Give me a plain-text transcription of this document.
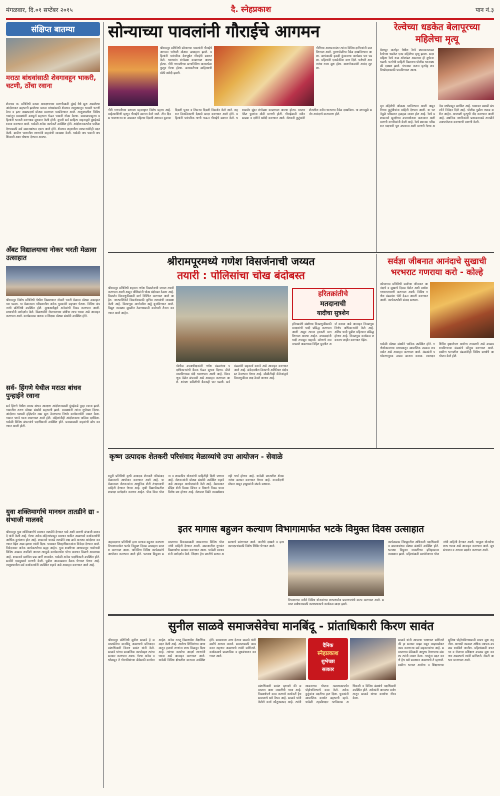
मंगळवार, दि.०१ सप्टेंबर २०१५	दै. स्नेहप्रकाश	पान नं.३
संक्षिप्त बातम्या
मराठा बांधवांसाठी शेवगावहून भाकरी, चटणी, ठोंचा रवाना
शेवगाव ता. प्रतिनिधी मराठा आरक्षणाच्या मागणीसाठी मुंबई येथे सुरू असलेल्या आंदोलनात सहभागी झालेल्या मराठा बांधवांसाठी शेवगाव तालुक्यातून भाकरी चटणी ठेचा व इतर खाद्यपदार्थ मोठ्या प्रमाणात पाठविण्यात आले. तालुक्यातील विविध गावांतून ग्रामस्थांनी उत्स्फूर्त सहभाग घेऊन भाकरी गोळा केल्या. सकाळपासूनच महिलांनी भाकरी करण्यास सुरुवात केली होती. दुपारी सर्व साहित्य वाहनाद्वारे मुंबईकडे रवाना करण्यात आले. यावेळी अनेक कार्यकर्ते उपस्थित होते. आंदोलनकर्त्यांना पाठिंबा देण्यासाठी सर्व समाजबांधव एकत्र आले होते. शेवगाव शहरातील व्यापाऱ्यांनीही मदत केली. ग्रामीण भागातील तरुणांनी वाहनांची व्यवस्था केली. यावेळी जय भवानी जय शिवाजी अशा घोषणा देण्यात आल्या.
अँबट विद्यालयाचा नोकर भरती मेळावा उत्साहात
श्रीरामपूर विशेष प्रतिनिधी येथील विद्यालयात नोकरी भरती मेळावा मोठ्या उत्साहात पार पडला. या मेळाव्यात परिसरातील अनेक युवकांनी सहभाग घेतला. विविध कंपन्यांचे प्रतिनिधी उपस्थित होते. मुलाखतीद्वारे अनेकांची निवड करण्यात आली. प्राचार्यांनी मार्गदर्शन केले. विद्यार्थ्यांनी रोजगाराच्या संधींचा लाभ घ्यावा असे आवाहन करण्यात आले. कार्यक्रमास पालक व शिक्षक मोठ्या संख्येने उपस्थित होते.
सर्व- हिंगणे येथील मराठा बांधव पुन्हाईने रवाना
सर्व हिंगणे येथील मराठा बांधव आरक्षण आंदोलनासाठी मुंबईकडे पुन्हा रवाना झाले. गावातील तरुण मोठ्या संख्येने सहभागी झाले. ग्रामस्थांनी त्यांना शुभेच्छा दिल्या. आंदोलन यशस्वी होईपर्यंत लढा सुरू ठेवण्याचा निर्धार कार्यकर्त्यांनी व्यक्त केला. गावात भगवे ध्वज लावण्यात आले होते. महिलांनीही आंदोलनाला पाठिंबा दर्शविला. यावेळी विविध संघटनांचे पदाधिकारी उपस्थित होते. प्रवासासाठी वाहनांची सोय करण्यात आली होती.
युवा शक्तिमार्गाचे मानधन तातडीने द्या - संभाजी मालवदे
श्रीरामपूर युवा शक्तिमार्गाचे मानधन तातडीने देण्यात यावे अशी मागणी संभाजी मालवदे यांनी केली आहे. गेल्या अनेक महिन्यांपासून मानधन थकीत असल्याने कार्यकर्त्यांची आर्थिक कुचंबणा होत आहे. शासनाने याकडे तातडीने लक्ष द्यावे अन्यथा आंदोलन करण्यात येईल असा इशारा त्यांनी दिला. याबाबत जिल्हाधिकाऱ्यांना निवेदन देण्यात आले. निवेदनावर अनेक कार्यकर्त्यांच्या सह्या आहेत. युवा शक्तीच्या माध्यमातून गावोगावी विविध उपक्रम राबविले जातात त्यामुळे कार्यकर्त्यांना योग्य मानधन मिळणे आवश्यक आहे. शासनाने प्रलंबित प्रश्न मार्गी लावावेत. यावेळी अनेक पदाधिकारी उपस्थित होते. सर्वांनी एकमुखाने मागणी केली. पुढील आठवड्यात बैठक घेण्यात येणार आहे. तालुक्यातील सर्व कार्यकर्त्यांनी उपस्थित राहावे असे आवाहन करण्यात आले आहे.
सोन्याच्या पावलांनी गौराईचे आगमन
श्रीरामपूर प्रतिनिधी सोन्याच्या पावलांनी गौराईचे आगमन घरोघरी मोठ्या उत्साहात झाले. महिलांनी पारंपरिक वेशभूषेत गौराईचे स्वागत केले. घराघरांत रांगोळ्या काढण्यात आल्या होत्या. गौरी गणपतीच्या सणानिमित्त बाजारपेठा फुलून गेल्या होत्या. सजावटीच्या साहित्याची मोठी खरेदी झाली.
गौरींच्या आगमनानंतर त्यांना विविध दागिन्यांनी सजविण्यात आले. पुरणपोळीचा नैवेद्य दाखविण्यात आला. सायंकाळी हळदी कुंकवाचा कार्यक्रम पार पडला. महिलांनी एकमेकींना वाण दिले. घरोघरी आरत्यांचा गजर सुरू होता. बालगोपाळांनी आनंद लुटला.
गौरी गणपतीच्या सणाला महाराष्ट्रात विशेष महत्त्व आहे. माहेरवाशिणी म्हणून गौराईचे स्वागत केले जाते. तीन दिवस चालणाऱ्या या उत्सवात पहिल्या दिवशी आगमन दुसऱ्या दिवशी पूजन व तिसऱ्या दिवशी विसर्जन केले जाते. शहरात ठिकठिकाणी देखावे सादर करण्यात आले होते. महिलांनी पारंपरिक गाणी गाऊन गौराईचे स्वागत केले. घरासमोर सुंदर रांगोळ्या काढण्यात आल्या होत्या. बाजारपेठेत फुलांना मोठी मागणी होती. गौराईसाठी नवीन साड्या व दागिने खरेदी करण्यात आले. शेतकरी कुटुंबांनी शेतातील नवीन धान्याचा नैवेद्य दाखविला. या सणामुळे सर्वत्र आनंदाचे वातावरण होते.	रेल्वेच्या धडकेत बेलापूरच्या महिलेचा मृत्यू
बेलापूर वार्ताहर येथील रेल्वे स्थानकाजवळ रेल्वेच्या धडकेत एका महिलेचा मृत्यू झाला. सदर महिला रेल्वे रूळ ओलांडत असताना ही दुर्घटना घडली. घटनेची माहिती मिळताच पोलीस घटनास्थळी दाखल झाले. पंचनामा करून मृतदेह शवविच्छेदनासाठी पाठविण्यात आला.
मृत महिलेची ओळख पटविण्यात आली असून तिच्या कुटुंबीयांना माहिती देण्यात आली. या घटनेमुळे परिसरात हळहळ व्यक्त होत आहे. रेल्वे प्रशासनाने सुरक्षेच्या उपाययोजना कराव्यात अशी मागणी नागरिकांनी केली आहे. रेल्वे स्थानक परिसरात पादचारी पूल उभारावा अशी मागणी गेल्या अनेक वर्षांपासून प्रलंबित आहे. याबाबत प्रवासी संघटनेने निवेदन दिले आहे. पोलीस पुढील तपास करीत आहेत. अपघाती मृत्यूची नोंद करण्यात आली आहे. स्थानिक नागरिकांनी प्रशासनाकडे तातडीने उपाययोजना करण्याची मागणी केली.
श्रीरामपूरमध्ये गणेश विसर्जनाची जय्यत
तयारी : पोलिसांचा चोख बंदोबस्त
श्रीरामपूर प्रतिनिधी शहरात गणेश विसर्जनाची जय्यत तयारी करण्यात आली असून पोलिसांनी चोख बंदोबस्त ठेवला आहे. विसर्जन मिरवणुकीसाठी मार्ग निश्चित करण्यात आले आहेत. नगरपालिकेने विसर्जनासाठी कृत्रिम तलावांची व्यवस्था केली आहे. मिरवणूक मार्गावरील खड्डे बुजविण्यात आले. विद्युत व्यवस्था सुरळीत ठेवण्यासाठी कर्मचारी तैनात करण्यात आले आहेत.
पोलीस उपअधीक्षकांनी गणेश मंडळांच्या पदाधिकाऱ्यांची बैठक घेऊन सूचना दिल्या. डीजे वाजविण्यास बंदी घालण्यात आली आहे. मिरवणूक वेळेत संपवावी असे आवाहन करण्यात आले. शांतता समितीची बैठकही पार पडली. सर्व मंडळांनी सहकार्य करावे असे आवाहन करण्यात आले आहे. संवेदनशील ठिकाणी अतिरिक्त बंदोबस्त ठेवण्यात येणार आहे. सीसीटीव्ही कॅमेऱ्यांद्वारे मिरवणुकीवर लक्ष ठेवले जाणार आहे.
हरितक्रांतीचे
मतदानाची
यादीचा सुत्रशेन
हरितक्रांती संस्थेच्या निवडणुकीसाठी मतदारांची यादी प्रसिद्ध करण्यात आली असून त्यावर हरकती मागविण्यात आल्या आहेत. सभासदांनी यादी तपासून पाहावी. कोणाचे नाव वगळले असल्यास विहित मुदतीत अर्ज करावा असे आवाहन निवडणूक निर्णय अधिकाऱ्यांनी केले आहे. अंतिम यादी पुढील महिन्यात प्रसिद्ध होणार आहे. निवडणूक कार्यक्रम लवकरच जाहीर करण्यात येईल.
सर्वज्ञा जीबनात आनंदाचे सुखाची भरभराट गणराया करो - कोल्हे
कोपरगाव प्रतिनिधी सर्वांच्या जीवनात आनंदाचे व सुखाचे दिवस येवोत अशी प्रार्थना गणरायाचरणी करण्यात आली. विविध गणेश मंडळांना भेटी देऊन आरती करण्यात आली. कार्यकर्त्यांशी संवाद साधला.
यावेळी मोठ्या संख्येने भाविक उपस्थित होते. गणेशोत्सवाच्या माध्यमातून सामाजिक उपक्रम राबवावेत असे आवाहन करण्यात आले. मंडळांनी पर्यावरणपूरक उत्सव साजरा करावा. रक्तदान शिबिर वृक्षारोपण आरोग्य तपासणी असे उपक्रम राबविणाऱ्या मंडळांचे कौतुक करण्यात आले. ग्रामीण भागातील मंडळांनीही विविध स्पर्धांचे आयोजन केले होते.
कृष्ण उत्पादक शेतकरी परिसंवाद मेळाव्यांचे उपा आयोजन - सेवाळे
राहुरी प्रतिनिधी कृषी उत्पादक शेतकरी परिसंवाद मेळाव्याचे आयोजन करण्यात आले आहे. या मेळाव्यात शेतकऱ्यांना आधुनिक शेती तंत्रज्ञानाची माहिती देण्यात येणार आहे. कृषी विद्यापीठातील शास्त्रज्ञ मार्गदर्शन करणार आहेत. पीक विमा योजना व शासकीय योजनांची माहितीही दिली जाणार आहे. शेतकऱ्यांनी मोठ्या संख्येने उपस्थित राहावे असे आवाहन आयोजकांनी केले आहे. मेळाव्यात सेंद्रिय शेती ठिबक सिंचन व बियाणे निवड यावर विशेष सत्र होणार आहे. शेतमाल विक्री व्यवस्थेबाबतही चर्चा होणार आहे. यावेळी प्रगतशील शेतकऱ्यांचा सत्कार करण्यात येणार आहे. नावनोंदणी मोफत असून इच्छुकांनी संपर्क साधावा.
इतर मागास बहुजन कल्याण विभागामार्फत भटके विमुक्त दिवस उत्साहात
अहमदनगर प्रतिनिधी इतर मागास बहुजन कल्याण विभागामार्फत भटके विमुक्त दिवस उत्साहात साजरा करण्यात आला. यानिमित्त विविध कार्यक्रमांचे आयोजन करण्यात आले होते. भटक्या विमुक्त समाजाच्या विकासासाठी शासनाच्या विविध योजनांची माहिती देण्यात आली. समाजातील गुणवंत विद्यार्थ्यांचा सत्कार करण्यात आला. यावेळी मान्यवरांनी मार्गदर्शन केले. शिक्षण हेच प्रगतीचे साधन असल्याचे सांगण्यात आले. जातीचे दाखले व इतर कागदपत्रांसाठी विशेष शिबिर घेण्यात आले.
कार्यक्रमास जिल्ह्यातील अधिकारी पदाधिकारी व समाजबांधव मोठ्या संख्येने उपस्थित होते. भटक्या विमुक्त जमातींच्या इतिहासावर व्याख्यान झाले. महिलांसाठी स्वयंरोजगार योजनांची माहिती देण्यात आली. घरकुल योजनेचा लाभ घ्यावा असे आवाहन करण्यात आले. सूत्रसंचालन व आभार प्रदर्शन करण्यात आले.
विभागाच्या वतीने विविध योजनांच्या लाभार्थ्यांना प्रमाणपत्रांचे वाटप करण्यात आले. समाज प्रबोधनासाठी कलापथकाचे कार्यक्रम सादर झाले.
सुनील साळवे समाजसेवेचा मानबिंदू - प्रांताधिकारी किरण सावंत
श्रीरामपूर प्रतिनिधी सुनील साळवे हे समाजसेवेचा मानबिंदू असल्याचे प्रतिपादन प्रांताधिकारी किरण सावंत यांनी केले. साळवे यांच्या सामाजिक कार्याबद्दल त्यांचा सत्कार करण्यात आला. गेल्या अनेक वर्षांपासून ते गोरगरिबांच्या सेवेसाठी कार्यरत आहेत. अनेक गरजू विद्यार्थ्यांना शैक्षणिक मदत केली आहे. आरोग्य शिबिरांच्या माध्यमातून हजारो रुग्णांना लाभ मिळवून दिला आहे. त्यांच्या कार्याचा आदर्श तरुणांनी घ्यावा असे आवाहन करण्यात आले. यावेळी विविध क्षेत्रातील मान्यवर उपस्थित होते. सत्काराला उत्तर देताना साळवे यांनी सर्वांचे आभार मानले. समाजासाठी काम करत राहणार असल्याचे त्यांनी सांगितले. कार्यक्रमाचे प्रास्ताविक व सूत्रसंचालन करण्यात आले.
दैनिक
स्नेहप्रकाश
शुभेच्छा
सत्कार
प्रांताधिकारी सावंत म्हणाले की समाजात अशा व्यक्तींची गरज आहे. निस्वार्थपणे काम करणारे कार्यकर्ते हेच समाजाचे खरे वैभव आहे. साळवे यांनी केलेले कार्य कौतुकास्पद आहे. त्यांनी शासनाच्या योजना तळागाळापर्यंत पोहोचविण्याचे काम केले. अनेक कुटुंबांना मदतीचा हात दिला. युवकांनी सामाजिक कार्यात सहभागी व्हावे. यावेळी तहसीलदार गटविकास अधिकारी व विविध संस्थांचे पदाधिकारी उपस्थित होते. अनेकांनी आपल्या मनोगतातून साळवे यांच्या कार्याचा गौरव केला.
साळवे यांनी आपल्या भाषणात सांगितले की हा सत्कार माझा नसून माझ्यासोबत काम करणाऱ्या सर्व सहकाऱ्यांचा आहे. समाजाच्या सेवेसाठी आयुष्य वेचण्याचा संकल्प त्यांनी व्यक्त केला. गरजूंना मदत करणे हेच खरे समाधान असल्याचे ते म्हणाले. ग्रामीण भागात आरोग्य व शिक्षणाच्या सुविधा पोहोचविण्यासाठी प्रयत्न सुरू राहतील. आगामी काळात अधिक व्यापक उपक्रम राबविले जातील. महिलांसाठी बचत गट व रोजगार प्रशिक्षण उपक्रम सुरू करणार असल्याचे त्यांनी सांगितले. शेवटी आभार मानण्यात आले.
